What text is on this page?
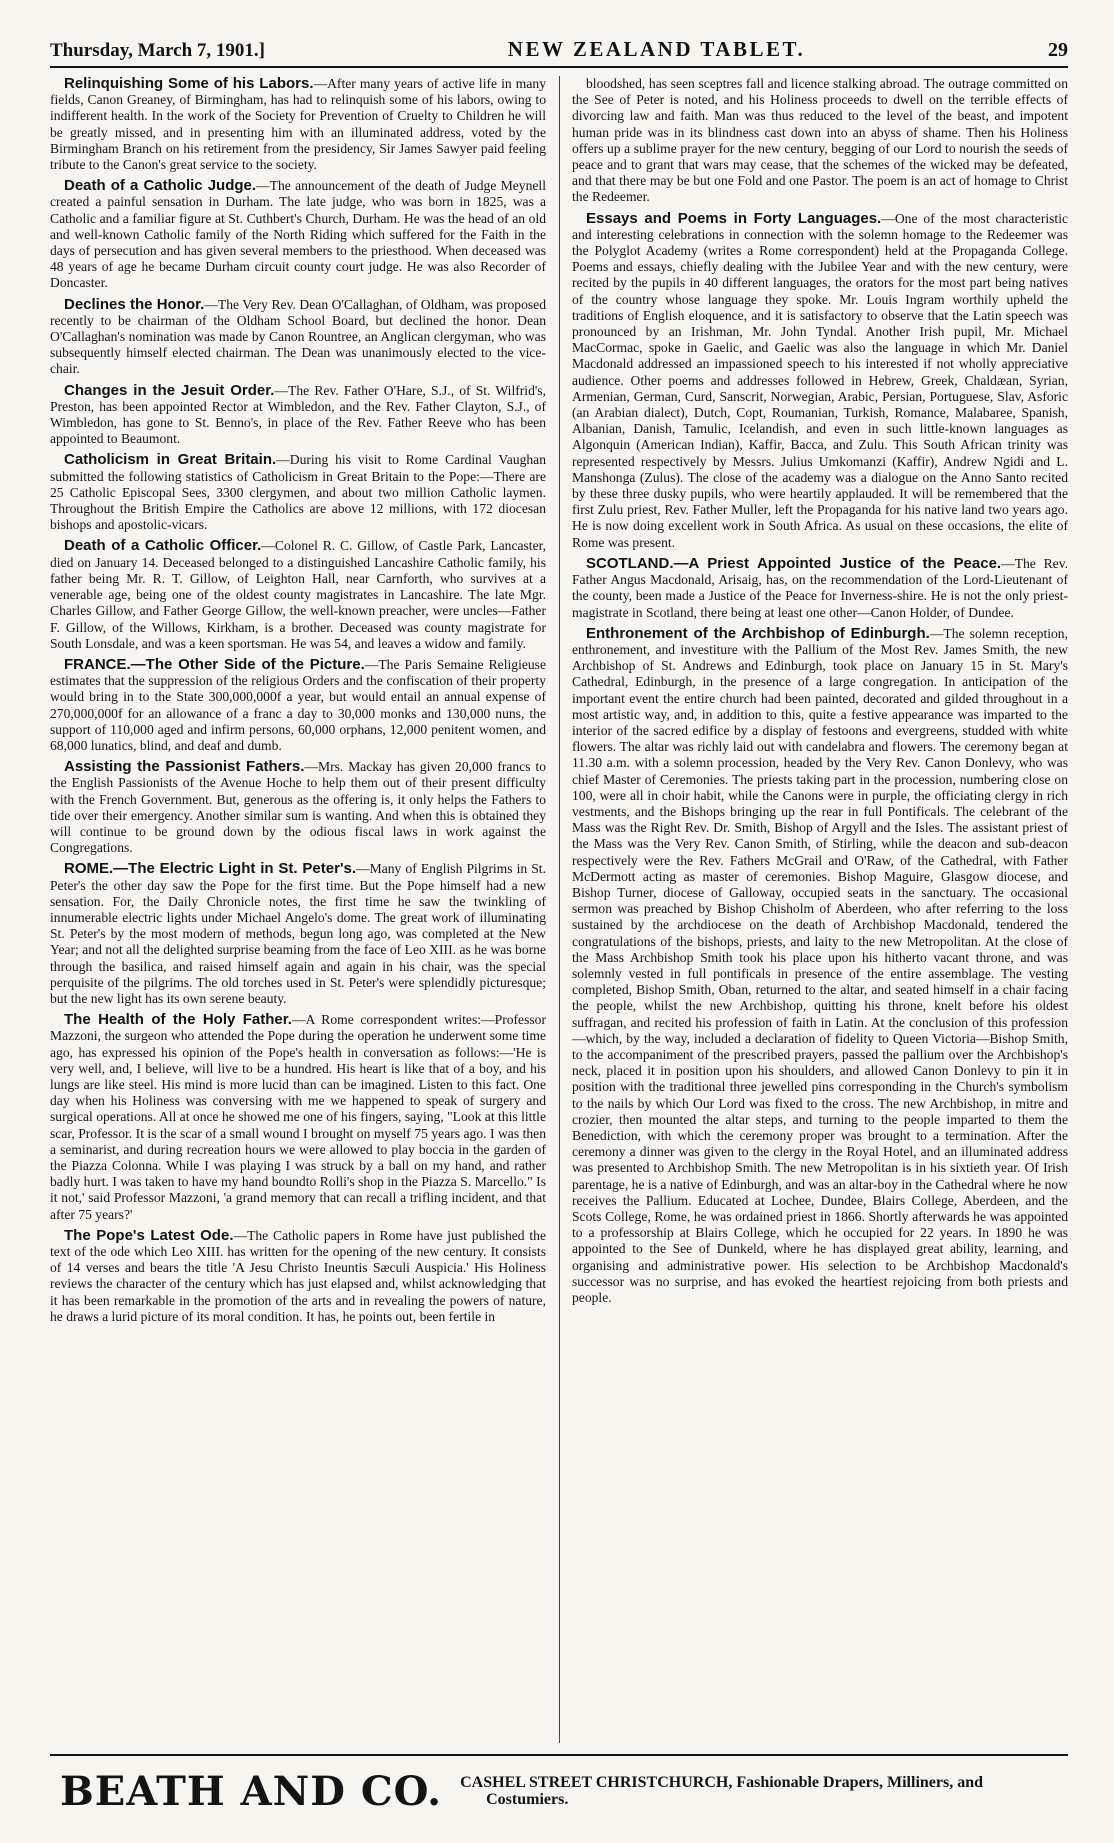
Thursday, March 7, 1901.]	NEW ZEALAND TABLET.	29

Relinquishing Some of his Labors.—After many years of active life in many fields, Canon Greaney, of Birmingham, has had to relinquish some of his labors, owing to indifferent health. In the work of the Society for Prevention of Cruelty to Children he will be greatly missed, and in presenting him with an illuminated address, voted by the Birmingham Branch on his retirement from the presidency, Sir James Sawyer paid feeling tribute to the Canon's great service to the society.

Death of a Catholic Judge.—The announcement of the death of Judge Meynell created a painful sensation in Durham. The late judge, who was born in 1825, was a Catholic and a familiar figure at St. Cuthbert's Church, Durham. He was the head of an old and well-known Catholic family of the North Riding which suffered for the Faith in the days of persecution and has given several members to the priesthood. When deceased was 48 years of age he became Durham circuit county court judge. He was also Recorder of Doncaster.

Declines the Honor.—The Very Rev. Dean O'Callaghan, of Oldham, was proposed recently to be chairman of the Oldham School Board, but declined the honor. Dean O'Callaghan's nomination was made by Canon Rountree, an Anglican clergyman, who was subsequently himself elected chairman. The Dean was unanimously elected to the vice-chair.

Changes in the Jesuit Order.—The Rev. Father O'Hare, S.J., of St. Wilfrid's, Preston, has been appointed Rector at Wimbledon, and the Rev. Father Clayton, S.J., of Wimbledon, has gone to St. Benno's, in place of the Rev. Father Reeve who has been appointed to Beaumont.

Catholicism in Great Britain.—During his visit to Rome Cardinal Vaughan submitted the following statistics of Catholicism in Great Britain to the Pope:—There are 25 Catholic Episcopal Sees, 3300 clergymen, and about two million Catholic laymen. Throughout the British Empire the Catholics are above 12 millions, with 172 diocesan bishops and apostolic-vicars.

Death of a Catholic Officer.—Colonel R. C. Gillow, of Castle Park, Lancaster, died on January 14. Deceased belonged to a distinguished Lancashire Catholic family, his father being Mr. R. T. Gillow, of Leighton Hall, near Carnforth, who survives at a venerable age, being one of the oldest county magistrates in Lancashire. The late Mgr. Charles Gillow, and Father George Gillow, the well-known preacher, were uncles—Father F. Gillow, of the Willows, Kirkham, is a brother. Deceased was county magistrate for South Lonsdale, and was a keen sportsman. He was 54, and leaves a widow and family.

FRANCE.—The Other Side of the Picture.—The Paris Semaine Religieuse estimates that the suppression of the religious Orders and the confiscation of their property would bring in to the State 300,000,000f a year, but would entail an annual expense of 270,000,000f for an allowance of a franc a day to 30,000 monks and 130,000 nuns, the support of 110,000 aged and infirm persons, 60,000 orphans, 12,000 penitent women, and 68,000 lunatics, blind, and deaf and dumb.

Assisting the Passionist Fathers.—Mrs. Mackay has given 20,000 francs to the English Passionists of the Avenue Hoche to help them out of their present difficulty with the French Government. But, generous as the offering is, it only helps the Fathers to tide over their emergency. Another similar sum is wanting. And when this is obtained they will continue to be ground down by the odious fiscal laws in work against the Congregations.

ROME.—The Electric Light in St. Peter's.—Many of English Pilgrims in St. Peter's the other day saw the Pope for the first time. But the Pope himself had a new sensation. For, the Daily Chronicle notes, the first time he saw the twinkling of innumerable electric lights under Michael Angelo's dome. The great work of illuminating St. Peter's by the most modern of methods, begun long ago, was completed at the New Year; and not all the delighted surprise beaming from the face of Leo XIII. as he was borne through the basilica, and raised himself again and again in his chair, was the special perquisite of the pilgrims. The old torches used in St. Peter's were splendidly picturesque; but the new light has its own serene beauty.

The Health of the Holy Father.—A Rome correspondent writes:—Professor Mazzoni, the surgeon who attended the Pope during the operation he underwent some time ago, has expressed his opinion of the Pope's health in conversation as follows:—'He is very well, and, I believe, will live to be a hundred. His heart is like that of a boy, and his lungs are like steel. His mind is more lucid than can be imagined. Listen to this fact. One day when his Holiness was conversing with me we happened to speak of surgery and surgical operations. All at once he showed me one of his fingers, saying, "Look at this little scar, Professor. It is the scar of a small wound I brought on myself 75 years ago. I was then a seminarist, and during recreation hours we were allowed to play boccia in the garden of the Piazza Colonna. While I was playing I was struck by a ball on my hand, and rather badly hurt. I was taken to have my hand boundto Rolli's shop in the Piazza S. Marcello." Is it not,' said Professor Mazzoni, 'a grand memory that can recall a trifling incident, and that after 75 years?'

The Pope's Latest Ode.—The Catholic papers in Rome have just published the text of the ode which Leo XIII. has written for the opening of the new century. It consists of 14 verses and bears the title 'A Jesu Christo Ineuntis Sæculi Auspicia.' His Holiness reviews the character of the century which has just elapsed and, whilst acknowledging that it has been remarkable in the promotion of the arts and in revealing the powers of nature, he draws a lurid picture of its moral condition. It has, he points out, been fertile in

bloodshed, has seen sceptres fall and licence stalking abroad. The outrage committed on the See of Peter is noted, and his Holiness proceeds to dwell on the terrible effects of divorcing law and faith. Man was thus reduced to the level of the beast, and impotent human pride was in its blindness cast down into an abyss of shame. Then his Holiness offers up a sublime prayer for the new century, begging of our Lord to nourish the seeds of peace and to grant that wars may cease, that the schemes of the wicked may be defeated, and that there may be but one Fold and one Pastor. The poem is an act of homage to Christ the Redeemer.

Essays and Poems in Forty Languages.—One of the most characteristic and interesting celebrations in connection with the solemn homage to the Redeemer was the Polyglot Academy (writes a Rome correspondent) held at the Propaganda College. Poems and essays, chiefly dealing with the Jubilee Year and with the new century, were recited by the pupils in 40 different languages, the orators for the most part being natives of the country whose language they spoke. Mr. Louis Ingram worthily upheld the traditions of English eloquence, and it is satisfactory to observe that the Latin speech was pronounced by an Irishman, Mr. John Tyndal. Another Irish pupil, Mr. Michael MacCormac, spoke in Gaelic, and Gaelic was also the language in which Mr. Daniel Macdonald addressed an impassioned speech to his interested if not wholly appreciative audience. Other poems and addresses followed in Hebrew, Greek, Chaldæan, Syrian, Armenian, German, Curd, Sanscrit, Norwegian, Arabic, Persian, Portuguese, Slav, Asforic (an Arabian dialect), Dutch, Copt, Roumanian, Turkish, Romance, Malabaree, Spanish, Albanian, Danish, Tamulic, Icelandish, and even in such little-known languages as Algonquin (American Indian), Kaffir, Bacca, and Zulu. This South African trinity was represented respectively by Messrs. Julius Umkomanzi (Kaffir), Andrew Ngidi and L. Manshonga (Zulus). The close of the academy was a dialogue on the Anno Santo recited by these three dusky pupils, who were heartily applauded. It will be remembered that the first Zulu priest, Rev. Father Muller, left the Propaganda for his native land two years ago. He is now doing excellent work in South Africa. As usual on these occasions, the elite of Rome was present.

SCOTLAND.—A Priest Appointed Justice of the Peace.—The Rev. Father Angus Macdonald, Arisaig, has, on the recommendation of the Lord-Lieutenant of the county, been made a Justice of the Peace for Inverness-shire. He is not the only priest-magistrate in Scotland, there being at least one other—Canon Holder, of Dundee.

Enthronement of the Archbishop of Edinburgh.—The solemn reception, enthronement, and investiture with the Pallium of the Most Rev. James Smith, the new Archbishop of St. Andrews and Edinburgh, took place on January 15 in St. Mary's Cathedral, Edinburgh, in the presence of a large congregation. In anticipation of the important event the entire church had been painted, decorated and gilded throughout in a most artistic way, and, in addition to this, quite a festive appearance was imparted to the interior of the sacred edifice by a display of festoons and evergreens, studded with white flowers. The altar was richly laid out with candelabra and flowers. The ceremony began at 11.30 a.m. with a solemn procession, headed by the Very Rev. Canon Donlevy, who was chief Master of Ceremonies. The priests taking part in the procession, numbering close on 100, were all in choir habit, while the Canons were in purple, the officiating clergy in rich vestments, and the Bishops bringing up the rear in full Pontificals. The celebrant of the Mass was the Right Rev. Dr. Smith, Bishop of Argyll and the Isles. The assistant priest of the Mass was the Very Rev. Canon Smith, of Stirling, while the deacon and sub-deacon respectively were the Rev. Fathers McGrail and O'Raw, of the Cathedral, with Father McDermott acting as master of ceremonies. Bishop Maguire, Glasgow diocese, and Bishop Turner, diocese of Galloway, occupied seats in the sanctuary. The occasional sermon was preached by Bishop Chisholm of Aberdeen, who after referring to the loss sustained by the archdiocese on the death of Archbishop Macdonald, tendered the congratulations of the bishops, priests, and laity to the new Metropolitan. At the close of the Mass Archbishop Smith took his place upon his hitherto vacant throne, and was solemnly vested in full pontificals in presence of the entire assemblage. The vesting completed, Bishop Smith, Oban, returned to the altar, and seated himself in a chair facing the people, whilst the new Archbishop, quitting his throne, knelt before his oldest suffragan, and recited his profession of faith in Latin. At the conclusion of this profession—which, by the way, included a declaration of fidelity to Queen Victoria—Bishop Smith, to the accompaniment of the prescribed prayers, passed the pallium over the Archbishop's neck, placed it in position upon his shoulders, and allowed Canon Donlevy to pin it in position with the traditional three jewelled pins corresponding in the Church's symbolism to the nails by which Our Lord was fixed to the cross. The new Archbishop, in mitre and crozier, then mounted the altar steps, and turning to the people imparted to them the Benediction, with which the ceremony proper was brought to a termination. After the ceremony a dinner was given to the clergy in the Royal Hotel, and an illuminated address was presented to Archbishop Smith. The new Metropolitan is in his sixtieth year. Of Irish parentage, he is a native of Edinburgh, and was an altar-boy in the Cathedral where he now receives the Pallium. Educated at Lochee, Dundee, Blairs College, Aberdeen, and the Scots College, Rome, he was ordained priest in 1866. Shortly afterwards he was appointed to a professorship at Blairs College, which he occupied for 22 years. In 1890 he was appointed to the See of Dunkeld, where he has displayed great ability, learning, and organising and administrative power. His selection to be Archbishop Macdonald's successor was no surprise, and has evoked the heartiest rejoicing from both priests and people.

BEATH AND CO. CASHEL STREET CHRISTCHURCH, Fashionable Drapers, Milliners, and
Costumiers.
